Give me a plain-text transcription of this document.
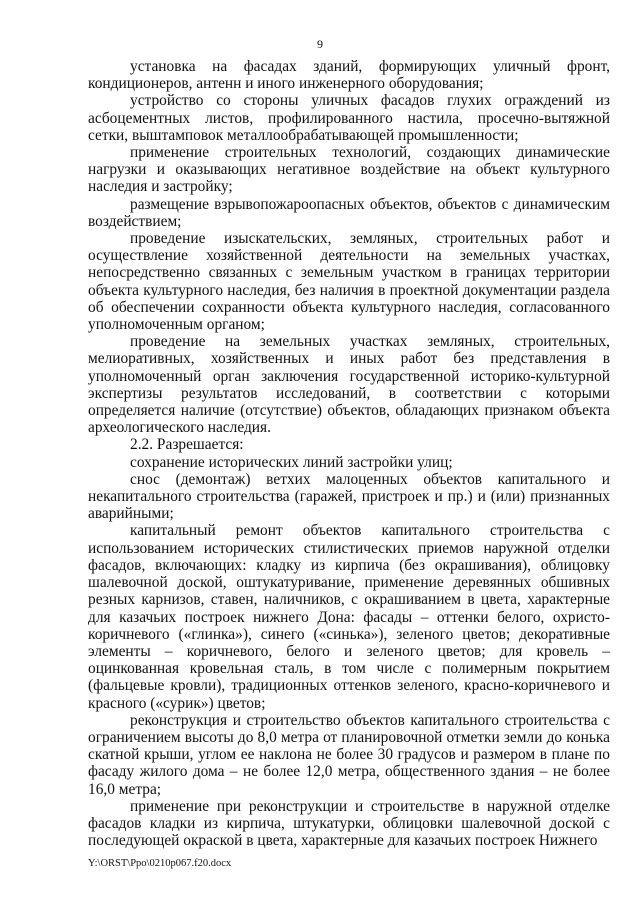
9

установка на фасадах зданий, формирующих уличный фронт, кондиционеров, антенн и иного инженерного оборудования;

устройство со стороны уличных фасадов глухих ограждений из асбоцементных листов, профилированного настила, просечно-вытяжной сетки, выштамповок металлообрабатывающей промышленности;

применение строительных технологий, создающих динамические нагрузки и оказывающих негативное воздействие на объект культурного наследия и застройку;

размещение взрывопожароопасных объектов, объектов с динамическим воздействием;

проведение изыскательских, земляных, строительных работ и осуществление хозяйственной деятельности на земельных участках, непосредственно связанных с земельным участком в границах территории объекта культурного наследия, без наличия в проектной документации раздела об обеспечении сохранности объекта культурного наследия, согласованного уполномоченным органом;

проведение на земельных участках земляных, строительных, мелиоративных, хозяйственных и иных работ без представления в уполномоченный орган заключения государственной историко-культурной экспертизы результатов исследований, в соответствии с которыми определяется наличие (отсутствие) объектов, обладающих признаком объекта археологического наследия.

2.2. Разрешается:

сохранение исторических линий застройки улиц;

снос (демонтаж) ветхих малоценных объектов капитального и некапитального строительства (гаражей, пристроек и пр.) и (или) признанных аварийными;

капитальный ремонт объектов капитального строительства с использованием исторических стилистических приемов наружной отделки фасадов, включающих: кладку из кирпича (без окрашивания), облицовку шалевочной доской, оштукатуривание, применение деревянных обшивных резных карнизов, ставен, наличников, с окрашиванием в цвета, характерные для казачьих построек нижнего Дона: фасады – оттенки белого, охристо-коричневого («глинка»), синего («синька»), зеленого цветов; декоративные элементы – коричневого, белого и зеленого цветов; для кровель – оцинкованная кровельная сталь, в том числе с полимерным покрытием (фальцевые кровли), традиционных оттенков зеленого, красно-коричневого и красного («сурик») цветов;

реконструкция и строительство объектов капитального строительства с ограничением высоты до 8,0 метра от планировочной отметки земли до конька скатной крыши, углом ее наклона не более 30 градусов и размером в плане по фасаду жилого дома – не более 12,0 метра, общественного здания – не более 16,0 метра;

применение при реконструкции и строительстве в наружной отделке фасадов кладки из кирпича, штукатурки, облицовки шалевочной доской с последующей окраской в цвета, характерные для казачьих построек Нижнего

Y:\ORST\Ppo\0210p067.f20.docx
